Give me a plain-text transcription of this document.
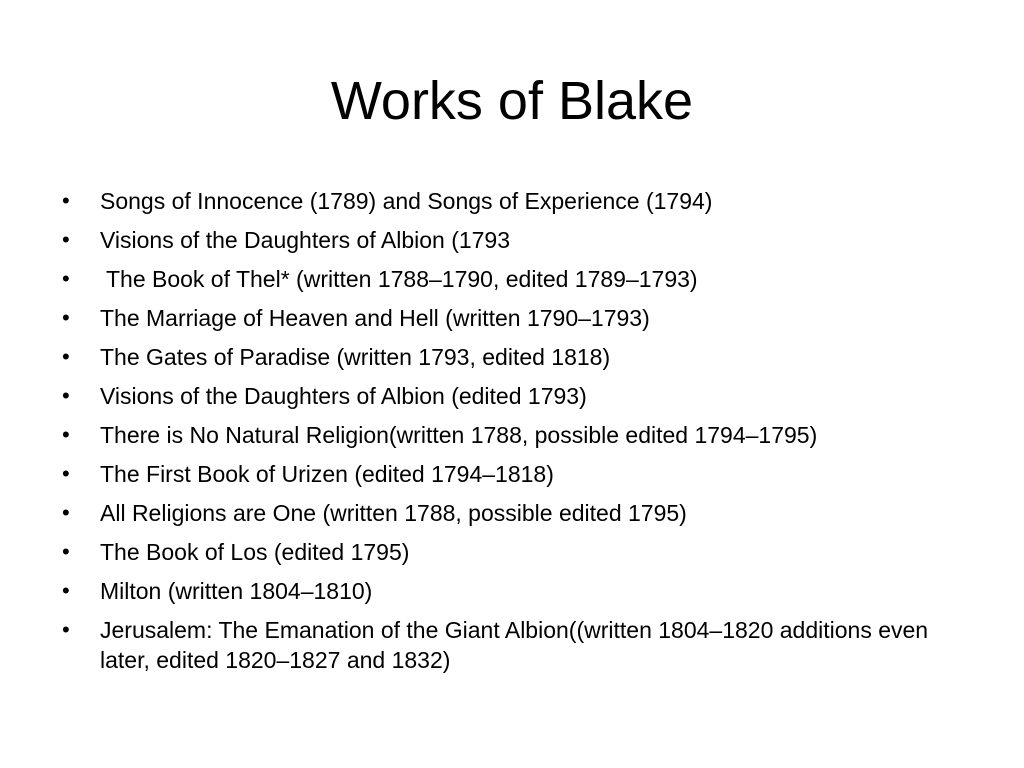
Works of Blake
• Songs of Innocence (1789) and Songs of Experience (1794)
• Visions of the Daughters of Albion (1793
• The Book of Thel* (written 1788–1790, edited 1789–1793)
• The Marriage of Heaven and Hell (written 1790–1793)
• The Gates of Paradise (written 1793, edited 1818)
• Visions of the Daughters of Albion (edited 1793)
• There is No Natural Religion(written 1788, possible edited 1794–1795)
• The First Book of Urizen (edited 1794–1818)
• All Religions are One (written 1788, possible edited 1795)
• The Book of Los (edited 1795)
• Milton (written 1804–1810)
• Jerusalem: The Emanation of the Giant Albion((written 1804–1820 additions even later, edited 1820–1827 and 1832)
